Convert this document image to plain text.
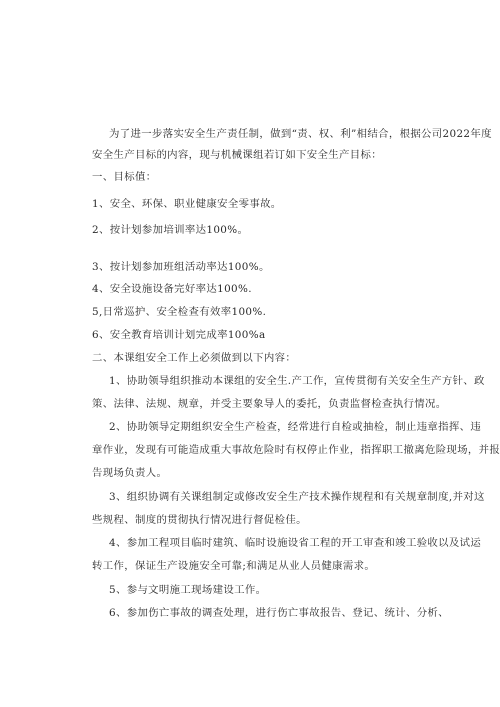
为了进一步落实安全生产责任制，做到“责、权、利”相结合，根据公司2022年度
安全生产目标的内容，现与机械课组若订如下安全生产目标：
一、目标值：
1、安全、环保、职业健康安全零事故。
2、按计划参加培训率达100%。
3、按计划参加班组活动率达100%。
4、安全设施设备完好率达100%.
5,日常巡护、安全检查有效率100%.
6、安全教育培训计划完成率100%a
二、本课组安全工作上必须做到以下内容：
1、协助领导组织推动本课组的安全生.产工作，宣传贯彻有关安全生产方针、政
策、法律、法规、规章，并受主要象导人的委托，负责监督检查执行情况。
2、协助领导定期组织安全生产检查，经常进行自检或抽检，制止违章指挥、违
章作业，发现有可能造成重大事故危险时有权停止作业，指挥职工撤离危险现场，并报
告现场负责人。
3、组织协调有关课组制定或修改安全生产技术操作规程和有关规章制度,并对这
些规程、制度的贯彻执行情况进行督促检佳。
4、参加工程项目临时建筑、临时设施设省工程的开工审查和竣工验收以及试运
转工作，保证生产设施安全可靠;和满足从业人员健康需求。
5、参与文明施工现场建设工作。
6、参加伤亡事故的调查处理，进行伤亡事故报告、登记、统计、分析、
